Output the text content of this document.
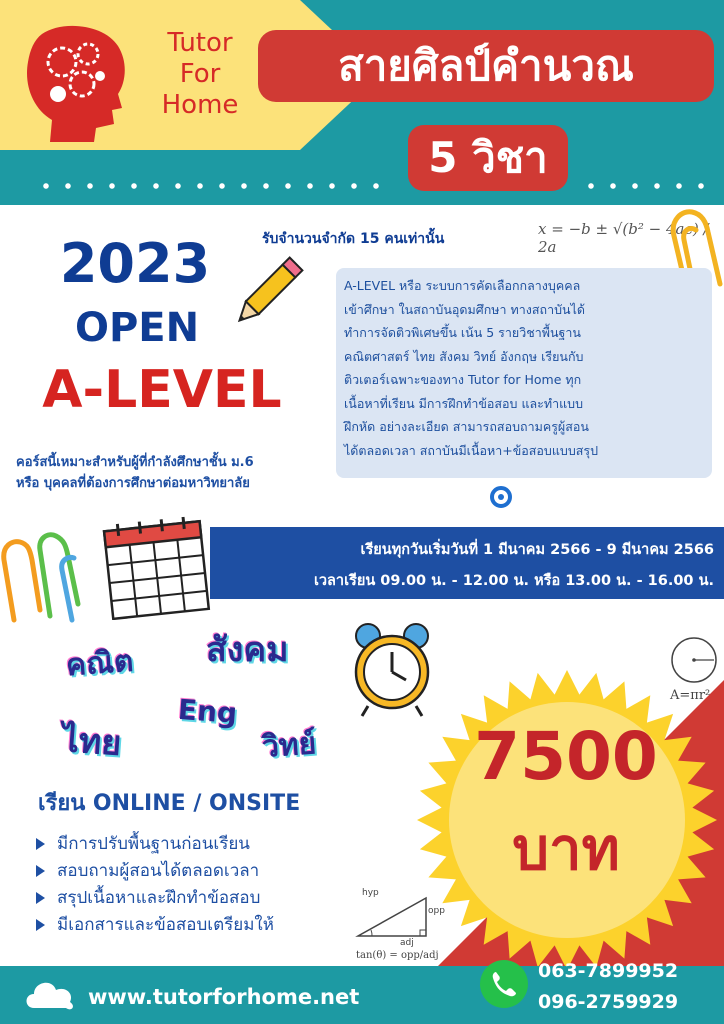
Tutor
For
Home
สายศิลป์คำนวณ
5 วิชา
x = −b ± √(b² − 4ac) / 2a
2023
OPEN
A-LEVEL
รับจำนวนจำกัด 15 คนเท่านั้น
A-LEVEL หรือ ระบบการคัดเลือกกลางบุคคล
เข้าศึกษา ในสถาบันอุดมศึกษา ทางสถาบันได้
ทำการจัดติวพิเศษขึ้น เน้น 5 รายวิชาพื้นฐาน
คณิตศาสตร์ ไทย สังคม วิทย์ อังกฤษ เรียนกับ
ติวเตอร์เฉพาะของทาง Tutor for Home ทุก
เนื้อหาที่เรียน มีการฝึกทำข้อสอบ และทำแบบ
ฝึกหัด อย่างละเอียด สามารถสอบถามครูผู้สอน
ได้ตลอดเวลา สถาบันมีเนื้อหา+ข้อสอบแบบสรุป
คอร์สนี้เหมาะสำหรับผู้ที่กำลังศึกษาชั้น ม.6
หรือ บุคคลที่ต้องการศึกษาต่อมหาวิทยาลัย
เรียนทุกวันเริ่มวันที่ 1 มีนาคม 2566 - 9 มีนาคม 2566
เวลาเรียน 09.00 น. - 12.00 น. หรือ 13.00 น. - 16.00 น.
คณิต สังคม
Eng
ไทย	วิทย์
A=πr²
7500
บาท
เรียน ONLINE / ONSITE
มีการปรับพื้นฐานก่อนเรียน
สอบถามผู้สอนได้ตลอดเวลา
สรุปเนื้อหาและฝึกทำข้อสอบ
มีเอกสารและข้อสอบเตรียมให้
hyp
opp
adj
tan(θ) = opp/adj
www.tutorforhome.net
063-7899952
096-2759929
